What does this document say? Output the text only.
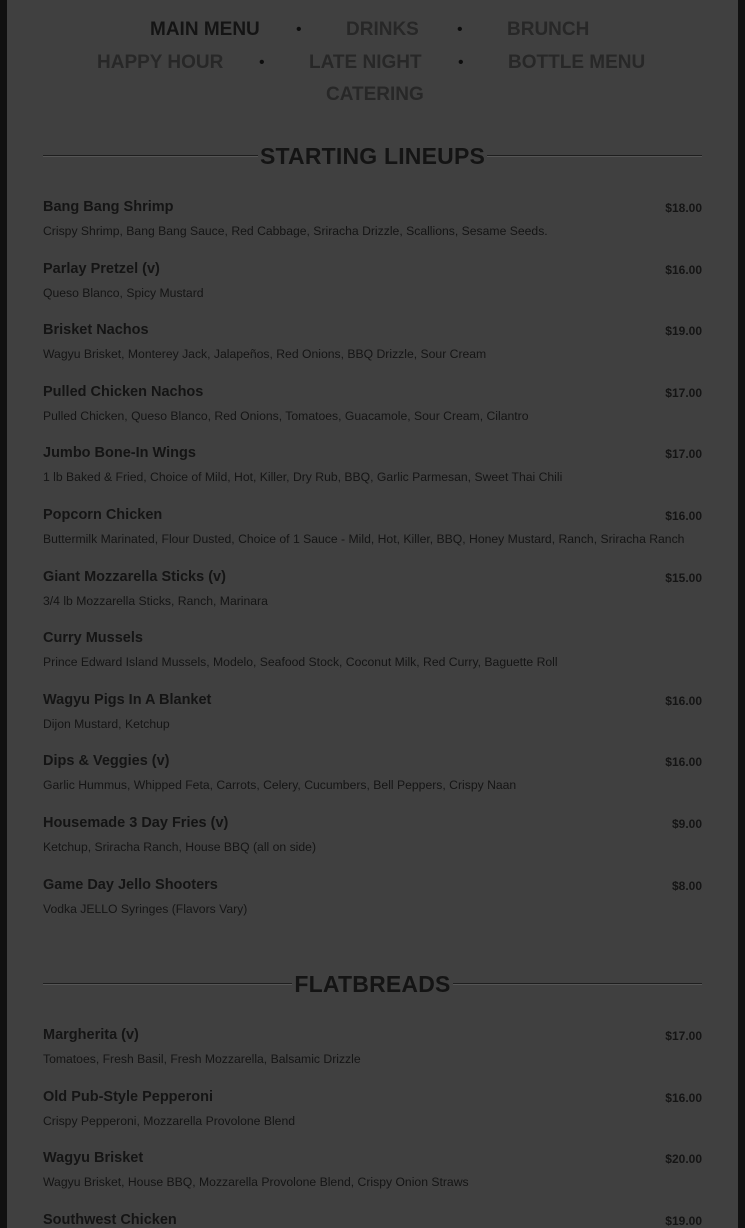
MAIN MENU • DRINKS • BRUNCH
HAPPY HOUR • LATE NIGHT • BOTTLE MENU
CATERING
STARTING LINEUPS
Bang Bang Shrimp	$18.00
Crispy Shrimp, Bang Bang Sauce, Red Cabbage, Sriracha Drizzle, Scallions, Sesame Seeds.
Parlay Pretzel (v)	$16.00
Queso Blanco, Spicy Mustard
Brisket Nachos	$19.00
Wagyu Brisket, Monterey Jack, Jalapeños, Red Onions, BBQ Drizzle, Sour Cream
Pulled Chicken Nachos	$17.00
Pulled Chicken, Queso Blanco, Red Onions, Tomatoes, Guacamole, Sour Cream, Cilantro
Jumbo Bone-In Wings	$17.00
1 lb Baked & Fried, Choice of Mild, Hot, Killer, Dry Rub, BBQ, Garlic Parmesan, Sweet Thai Chili
Popcorn Chicken	$16.00
Buttermilk Marinated, Flour Dusted, Choice of 1 Sauce - Mild, Hot, Killer, BBQ, Honey Mustard, Ranch, Sriracha Ranch
Giant Mozzarella Sticks (v)	$15.00
3/4 lb Mozzarella Sticks, Ranch, Marinara
Curry Mussels
Prince Edward Island Mussels, Modelo, Seafood Stock, Coconut Milk, Red Curry, Baguette Roll
Wagyu Pigs In A Blanket	$16.00
Dijon Mustard, Ketchup
Dips & Veggies (v)	$16.00
Garlic Hummus, Whipped Feta, Carrots, Celery, Cucumbers, Bell Peppers, Crispy Naan
Housemade 3 Day Fries (v)	$9.00
Ketchup, Sriracha Ranch, House BBQ (all on side)
Game Day Jello Shooters	$8.00
Vodka JELLO Syringes (Flavors Vary)
FLATBREADS
Margherita (v)	$17.00
Tomatoes, Fresh Basil, Fresh Mozzarella, Balsamic Drizzle
Old Pub-Style Pepperoni	$16.00
Crispy Pepperoni, Mozzarella Provolone Blend
Wagyu Brisket	$20.00
Wagyu Brisket, House BBQ, Mozzarella Provolone Blend, Crispy Onion Straws
Southwest Chicken	$19.00
